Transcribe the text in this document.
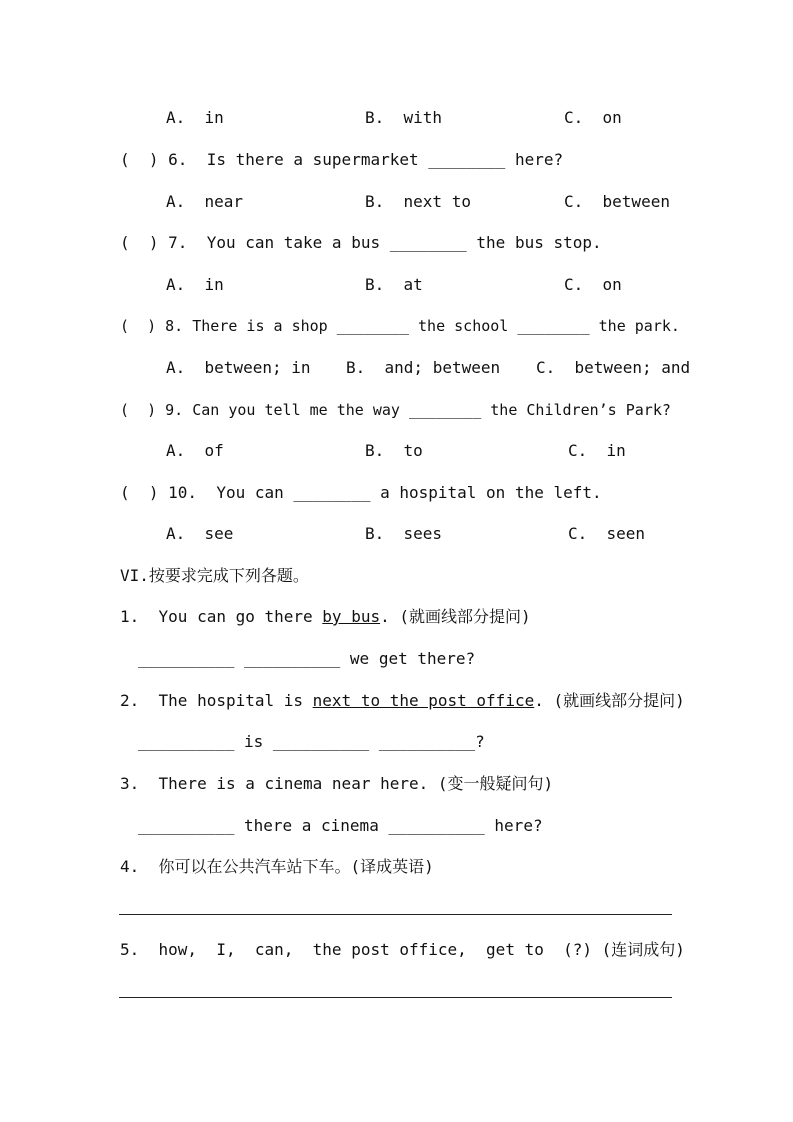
A.  in	B.  with	C.  on
(  ) 6.  Is there a supermarket ________ here?
A.  near	B.  next to	C.  between
(  ) 7.  You can take a bus ________ the bus stop.
A.  in	B.  at	C.  on
(  ) 8. There is a shop ________ the school ________ the park.
A.  between; in B.  and; between C.  between; and
(  ) 9. Can you tell me the way ________ the Children’s Park?
A.  of	B.  to	C.  in
(  ) 10.  You can ________ a hospital on the left.
A.  see	B.  sees	C.  seen
VI.按要求完成下列各题。
1.  You can go there by bus. (就画线部分提问)
__________ __________ we get there?
2.  The hospital is next to the post office. (就画线部分提问)
__________ is __________ __________?
3.  There is a cinema near here. (变一般疑问句)
__________ there a cinema __________ here?
4.  你可以在公共汽车站下车。(译成英语)
5.  how,  I,  can,  the post office,  get to  (?) (连词成句)
